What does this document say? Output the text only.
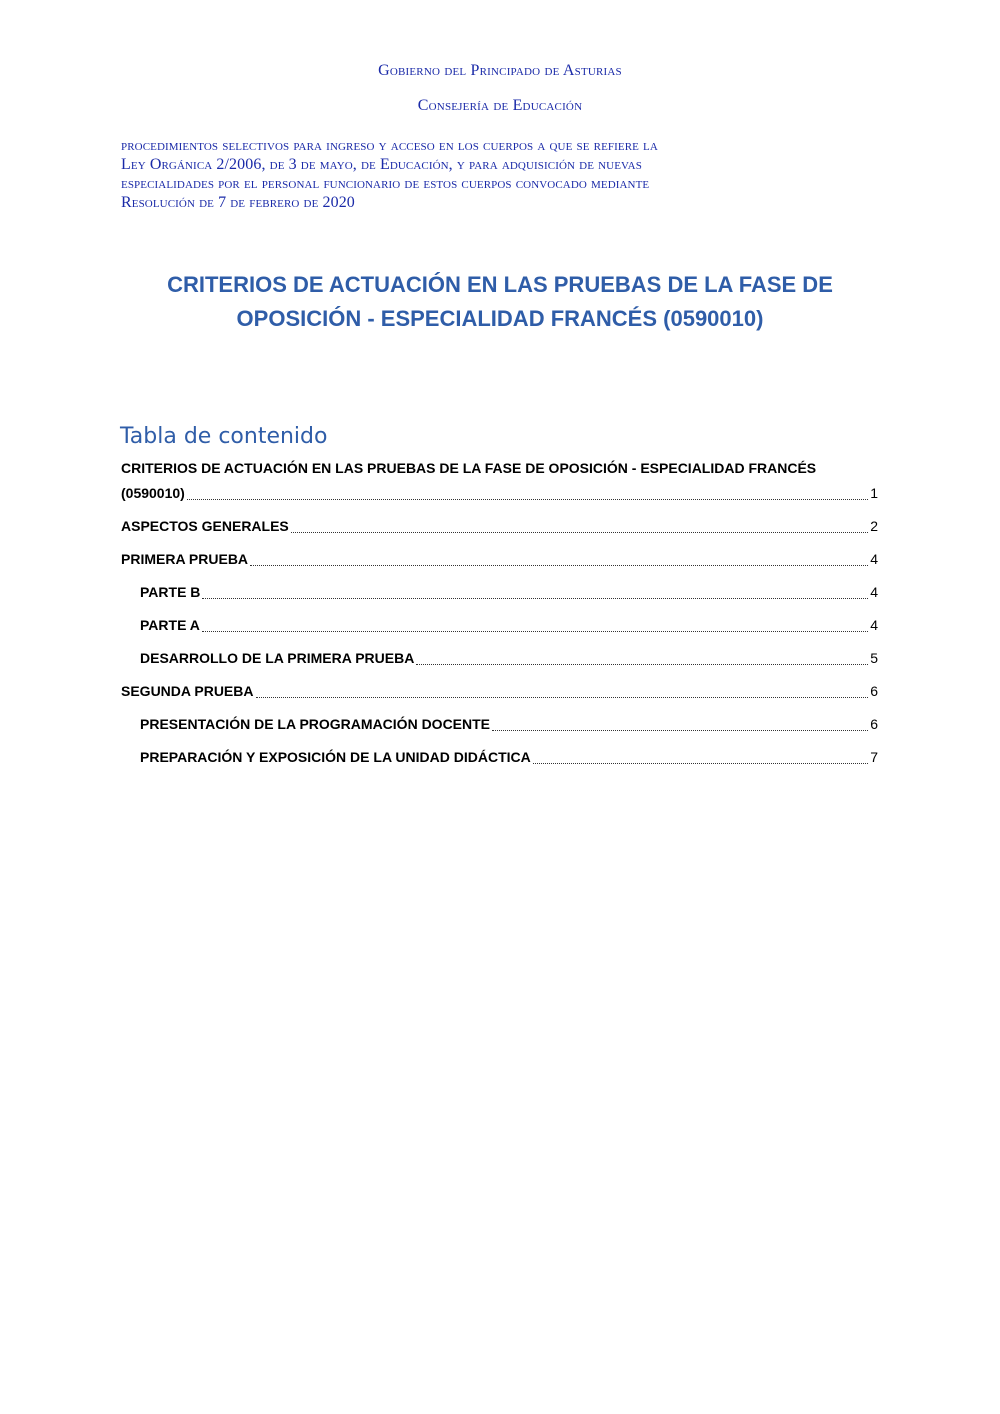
Gobierno del Principado de Asturias
Consejería de Educación
procedimientos selectivos para ingreso y acceso en los cuerpos a que se refiere la
Ley Orgánica 2/2006, de 3 de mayo, de Educación, y para adquisición de nuevas
especialidades por el personal funcionario de estos cuerpos convocado mediante
Resolución de 7 de febrero de 2020
CRITERIOS DE ACTUACIÓN EN LAS PRUEBAS DE LA FASE DE
OPOSICIÓN - ESPECIALIDAD FRANCÉS (0590010)
Tabla de contenido
CRITERIOS DE ACTUACIÓN EN LAS PRUEBAS DE LA FASE DE OPOSICIÓN - ESPECIALIDAD FRANCÉS
(0590010)	1
ASPECTOS GENERALES	2
PRIMERA PRUEBA	4
PARTE B	4
PARTE A	4
DESARROLLO DE LA PRIMERA PRUEBA	5
SEGUNDA PRUEBA	6
PRESENTACIÓN DE LA PROGRAMACIÓN DOCENTE	6
PREPARACIÓN Y EXPOSICIÓN DE LA UNIDAD DIDÁCTICA	7
